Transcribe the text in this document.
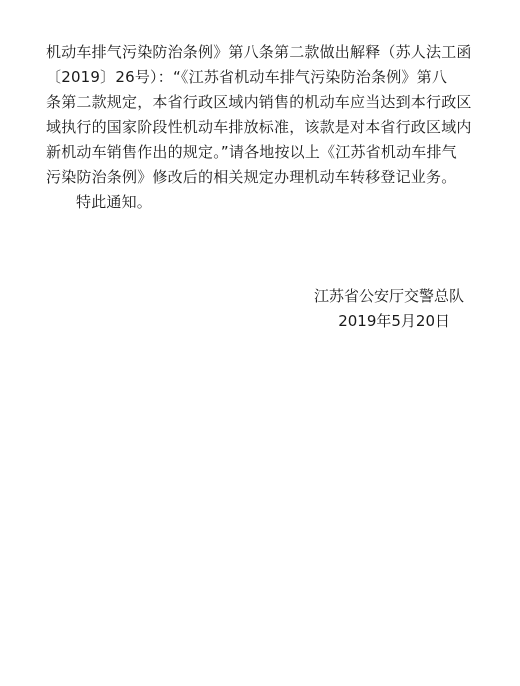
机动车排气污染防治条例》第八条第二款做出解释（苏人法工函
〔2019〕26号）：“《江苏省机动车排气污染防治条例》第八
条第二款规定，本省行政区域内销售的机动车应当达到本行政区
域执行的国家阶段性机动车排放标准，该款是对本省行政区域内
新机动车销售作出的规定。”请各地按以上《江苏省机动车排气
污染防治条例》修改后的相关规定办理机动车转移登记业务。
特此通知。
江苏省公安厅交警总队
2019年5月20日
